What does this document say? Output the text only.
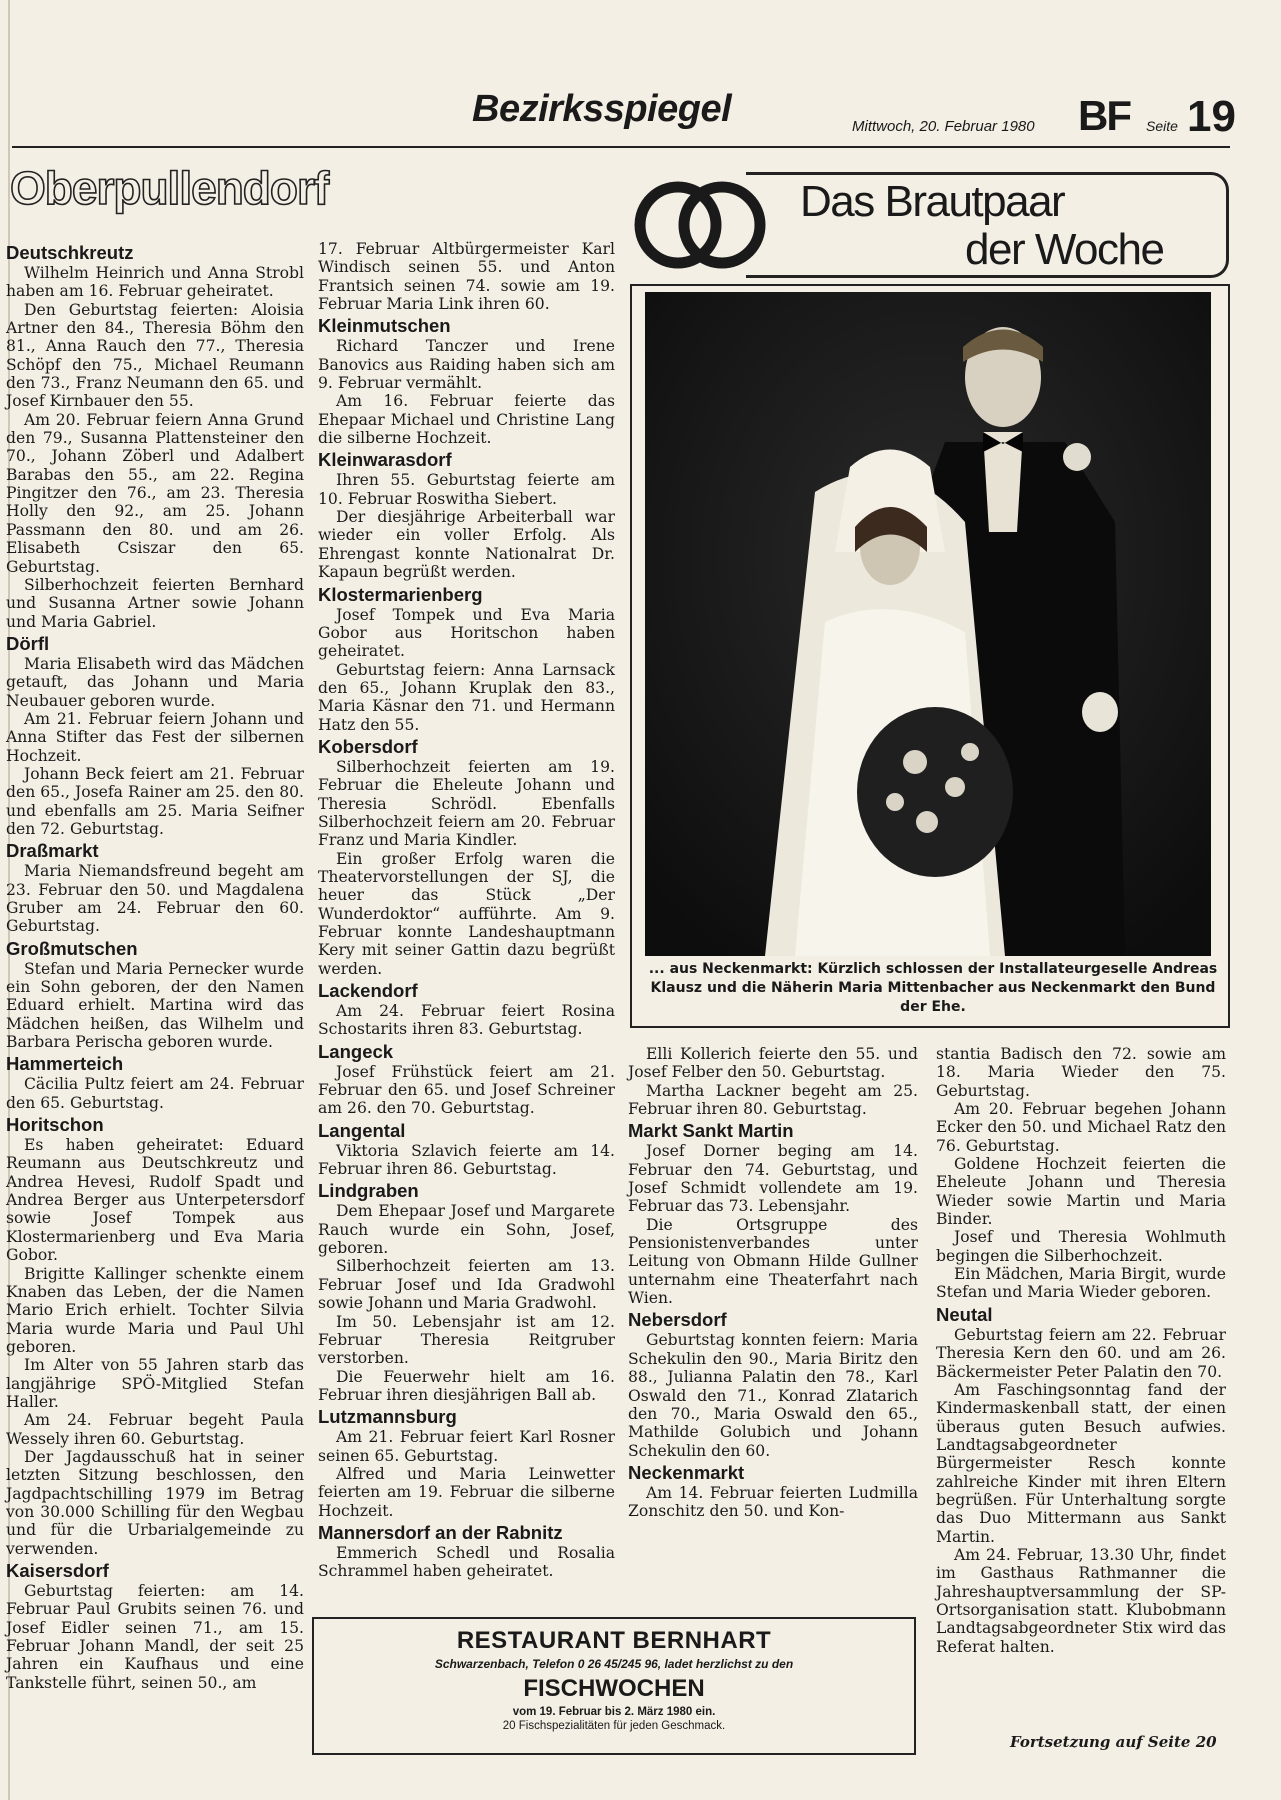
Bezirksspiegel	Mittwoch, 20. Februar 1980 BF Seite 19
Oberpullendorf	Das Brautpaar
der Woche
... aus Neckenmarkt: Kürzlich schlossen der Installateurgeselle Andreas Klausz und die Näherin Maria Mittenbacher aus Neckenmarkt den Bund der Ehe.
Deutschkreutz

Wilhelm Heinrich und Anna Strobl haben am 16. Februar geheiratet.

Den Geburtstag feierten: Aloisia Artner den 84., Theresia Böhm den 81., Anna Rauch den 77., Theresia Schöpf den 75., Michael Reumann den 73., Franz Neumann den 65. und Josef Kirnbauer den 55.

Am 20. Februar feiern Anna Grund den 79., Susanna Plattensteiner den 70., Johann Zöberl und Adalbert Barabas den 55., am 22. Regina Pingitzer den 76., am 23. Theresia Holly den 92., am 25. Johann Passmann den 80. und am 26. Elisabeth Csiszar den 65. Geburtstag.

Silberhochzeit feierten Bernhard und Susanna Artner sowie Johann und Maria Gabriel.

Dörfl

Maria Elisabeth wird das Mädchen getauft, das Johann und Maria Neubauer geboren wurde.

Am 21. Februar feiern Johann und Anna Stifter das Fest der silbernen Hochzeit.

Johann Beck feiert am 21. Februar den 65., Josefa Rainer am 25. den 80. und ebenfalls am 25. Maria Seifner den 72. Geburtstag.

Draßmarkt

Maria Niemandsfreund begeht am 23. Februar den 50. und Magdalena Gruber am 24. Februar den 60. Geburtstag.

Großmutschen

Stefan und Maria Pernecker wurde ein Sohn geboren, der den Namen Eduard erhielt. Martina wird das Mädchen heißen, das Wilhelm und Barbara Perischa geboren wurde.

Hammerteich

Cäcilia Pultz feiert am 24. Februar den 65. Geburtstag.

Horitschon

Es haben geheiratet: Eduard Reumann aus Deutschkreutz und Andrea Hevesi, Rudolf Spadt und Andrea Berger aus Unterpetersdorf sowie Josef Tompek aus Klostermarienberg und Eva Maria Gobor.

Brigitte Kallinger schenkte einem Knaben das Leben, der die Namen Mario Erich erhielt. Tochter Silvia Maria wurde Maria und Paul Uhl geboren.

Im Alter von 55 Jahren starb das langjährige SPÖ-Mitglied Stefan Haller.

Am 24. Februar begeht Paula Wessely ihren 60. Geburtstag.

Der Jagdausschuß hat in seiner letzten Sitzung beschlossen, den Jagdpachtschilling 1979 im Betrag von 30.000 Schilling für den Wegbau und für die Urbarialgemeinde zu verwenden.

Kaisersdorf

Geburtstag feierten: am 14. Februar Paul Grubits seinen 76. und Josef Eidler seinen 71., am 15. Februar Johann Mandl, der seit 25 Jahren ein Kaufhaus und eine Tankstelle führt, seinen 50., am

17. Februar Altbürgermeister Karl Windisch seinen 55. und Anton Frantsich seinen 74. sowie am 19. Februar Maria Link ihren 60.

Kleinmutschen

Richard Tanczer und Irene Banovics aus Raiding haben sich am 9. Februar vermählt.

Am 16. Februar feierte das Ehepaar Michael und Christine Lang die silberne Hochzeit.

Kleinwarasdorf

Ihren 55. Geburtstag feierte am 10. Februar Roswitha Siebert.

Der diesjährige Arbeiterball war wieder ein voller Erfolg. Als Ehrengast konnte Nationalrat Dr. Kapaun begrüßt werden.

Klostermarienberg

Josef Tompek und Eva Maria Gobor aus Horitschon haben geheiratet.

Geburtstag feiern: Anna Larnsack den 65., Johann Kruplak den 83., Maria Käsnar den 71. und Hermann Hatz den 55.

Kobersdorf

Silberhochzeit feierten am 19. Februar die Eheleute Johann und Theresia Schrödl. Ebenfalls Silberhochzeit feiern am 20. Februar Franz und Maria Kindler.

Ein großer Erfolg waren die Theatervorstellungen der SJ, die heuer das Stück „Der Wunderdoktor“ aufführte. Am 9. Februar konnte Landeshauptmann Kery mit seiner Gattin dazu begrüßt werden.

Lackendorf

Am 24. Februar feiert Rosina Schostarits ihren 83. Geburtstag.

Langeck

Josef Frühstück feiert am 21. Februar den 65. und Josef Schreiner am 26. den 70. Geburtstag.

Langental

Viktoria Szlavich feierte am 14. Februar ihren 86. Geburtstag.

Lindgraben

Dem Ehepaar Josef und Margarete Rauch wurde ein Sohn, Josef, geboren.

Silberhochzeit feierten am 13. Februar Josef und Ida Gradwohl sowie Johann und Maria Gradwohl.

Im 50. Lebensjahr ist am 12. Februar Theresia Reitgruber verstorben.

Die Feuerwehr hielt am 16. Februar ihren diesjährigen Ball ab.

Lutzmannsburg

Am 21. Februar feiert Karl Rosner seinen 65. Geburtstag.

Alfred und Maria Leinwetter feierten am 19. Februar die silberne Hochzeit.

Mannersdorf an der Rabnitz

Emmerich Schedl und Rosalia Schrammel haben geheiratet.

Elli Kollerich feierte den 55. und Josef Felber den 50. Geburtstag.

Martha Lackner begeht am 25. Februar ihren 80. Geburtstag.

Markt Sankt Martin

Josef Dorner beging am 14. Februar den 74. Geburtstag, und Josef Schmidt vollendete am 19. Februar das 73. Lebensjahr.

Die Ortsgruppe des Pensionistenverbandes unter Leitung von Obmann Hilde Gullner unternahm eine Theaterfahrt nach Wien.

Nebersdorf

Geburtstag konnten feiern: Maria Schekulin den 90., Maria Biritz den 88., Julianna Palatin den 78., Karl Oswald den 71., Konrad Zlatarich den 70., Maria Oswald den 65., Mathilde Golubich und Johann Schekulin den 60.

Neckenmarkt

Am 14. Februar feierten Ludmilla Zonschitz den 50. und Kon-

stantia Badisch den 72. sowie am 18. Maria Wieder den 75. Geburtstag.

Am 20. Februar begehen Johann Ecker den 50. und Michael Ratz den 76. Geburtstag.

Goldene Hochzeit feierten die Eheleute Johann und Theresia Wieder sowie Martin und Maria Binder.

Josef und Theresia Wohlmuth begingen die Silberhochzeit.

Ein Mädchen, Maria Birgit, wurde Stefan und Maria Wieder geboren.

Neutal

Geburtstag feiern am 22. Februar Theresia Kern den 60. und am 26. Bäckermeister Peter Palatin den 70.

Am Faschingsonntag fand der Kindermaskenball statt, der einen überaus guten Besuch aufwies. Landtagsabgeordneter Bürgermeister Resch konnte zahlreiche Kinder mit ihren Eltern begrüßen. Für Unterhaltung sorgte das Duo Mittermann aus Sankt Martin.

Am 24. Februar, 13.30 Uhr, findet im Gasthaus Rathmanner die Jahreshauptversammlung der SP-Ortsorganisation statt. Klubobmann Landtagsabgeordneter Stix wird das Referat halten.

RESTAURANT BERNHART
Schwarzenbach, Telefon 0 26 45/245 96, ladet herzlichst zu den
FISCHWOCHEN
vom 19. Februar bis 2. März 1980 ein.
20 Fischspezialitäten für jeden Geschmack.
Fortsetzung auf Seite 20
